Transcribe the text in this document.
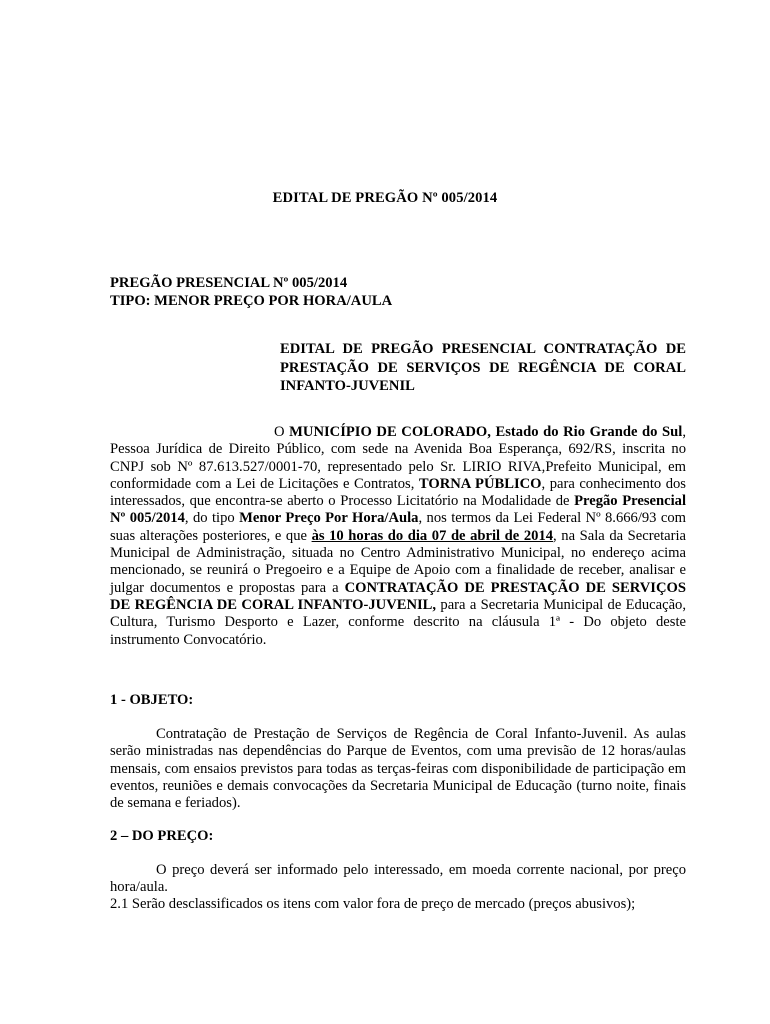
EDITAL DE PREGÃO Nº 005/2014
PREGÃO PRESENCIAL Nº 005/2014
TIPO: MENOR PREÇO POR HORA/AULA
EDITAL DE PREGÃO PRESENCIAL CONTRATAÇÃO DE PRESTAÇÃO DE SERVIÇOS DE REGÊNCIA DE CORAL INFANTO-JUVENIL
O MUNICÍPIO DE COLORADO, Estado do Rio Grande do Sul, Pessoa Jurídica de Direito Público, com sede na Avenida Boa Esperança, 692/RS, inscrita no CNPJ sob Nº 87.613.527/0001-70, representado pelo Sr. LIRIO RIVA,Prefeito Municipal, em conformidade com a Lei de Licitações e Contratos, TORNA PÚBLICO, para conhecimento dos interessados, que encontra-se aberto o Processo Licitatório na Modalidade de Pregão Presencial Nº 005/2014, do tipo Menor Preço Por Hora/Aula, nos termos da Lei Federal Nº 8.666/93 com suas alterações posteriores, e que às 10 horas do dia 07 de abril de 2014, na Sala da Secretaria Municipal de Administração, situada no Centro Administrativo Municipal, no endereço acima mencionado, se reunirá o Pregoeiro e a Equipe de Apoio com a finalidade de receber, analisar e julgar documentos e propostas para a CONTRATAÇÃO DE PRESTAÇÃO DE SERVIÇOS DE REGÊNCIA DE CORAL INFANTO-JUVENIL, para a Secretaria Municipal de Educação, Cultura, Turismo Desporto e Lazer, conforme descrito na cláusula 1ª - Do objeto deste instrumento Convocatório.
1 - OBJETO:
Contratação de Prestação de Serviços de Regência de Coral Infanto-Juvenil. As aulas serão ministradas nas dependências do Parque de Eventos, com uma previsão de 12 horas/aulas mensais, com ensaios previstos para todas as terças-feiras com disponibilidade de participação em eventos, reuniões e demais convocações da Secretaria Municipal de Educação (turno noite, finais de semana e feriados).
2 – DO PREÇO:
O preço deverá ser informado pelo interessado, em moeda corrente nacional, por preço hora/aula.
2.1 Serão desclassificados os itens com valor fora de preço de mercado (preços abusivos);
